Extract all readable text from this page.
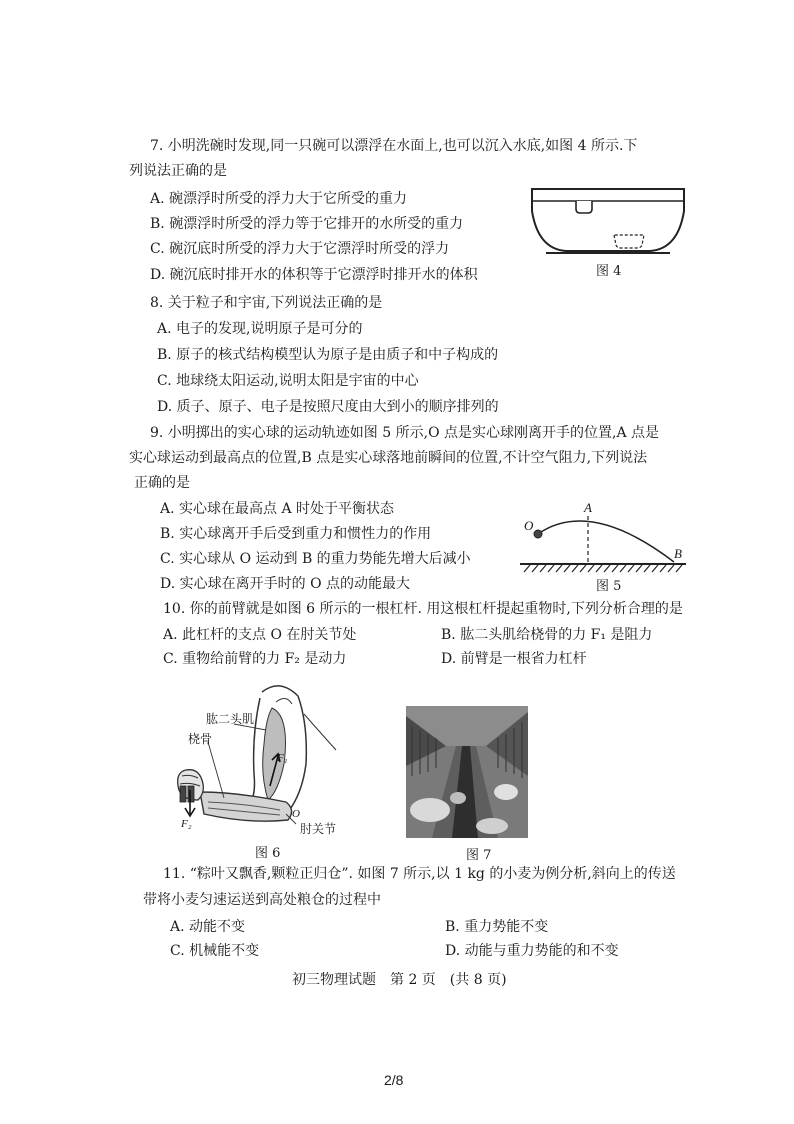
7. 小明洗碗时发现,同一只碗可以漂浮在水面上,也可以沉入水底,如图 4 所示.下
列说法正确的是
A. 碗漂浮时所受的浮力大于它所受的重力
B. 碗漂浮时所受的浮力等于它排开的水所受的重力
C. 碗沉底时所受的浮力大于它漂浮时所受的浮力
D. 碗沉底时排开水的体积等于它漂浮时排开水的体积	图 4
8. 关于粒子和宇宙,下列说法正确的是
A. 电子的发现,说明原子是可分的
B. 原子的核式结构模型认为原子是由质子和中子构成的
C. 地球绕太阳运动,说明太阳是宇宙的中心
D. 质子、原子、电子是按照尺度由大到小的顺序排列的
9. 小明掷出的实心球的运动轨迹如图 5 所示,O 点是实心球刚离开手的位置,A 点是
实心球运动到最高点的位置,B 点是实心球落地前瞬间的位置,不计空气阻力,下列说法
正确的是
A. 实心球在最高点 A 时处于平衡状态
B. 实心球离开手后受到重力和惯性力的作用
C. 实心球从 O 运动到 B 的重力势能先增大后减小
D. 实心球在离开手时的 O 点的动能最大
O
A
B
图 5
10. 你的前臂就是如图 6 所示的一根杠杆. 用这根杠杆提起重物时,下列分析合理的是
A. 此杠杆的支点 O 在肘关节处	B. 肱二头肌给桡骨的力 F₁ 是阻力
C. 重物给前臂的力 F₂ 是动力	D. 前臂是一根省力杠杆
肱二头肌
桡骨
肘关节
F₁
F₂
O
图 6	图 7
11. “粽叶又飘香,颗粒正归仓”. 如图 7 所示,以 1 kg 的小麦为例分析,斜向上的传送
带将小麦匀速运送到高处粮仓的过程中
A. 动能不变	B. 重力势能不变
C. 机械能不变	D. 动能与重力势能的和不变
初三物理试题　第 2 页　(共 8 页)
2/8
